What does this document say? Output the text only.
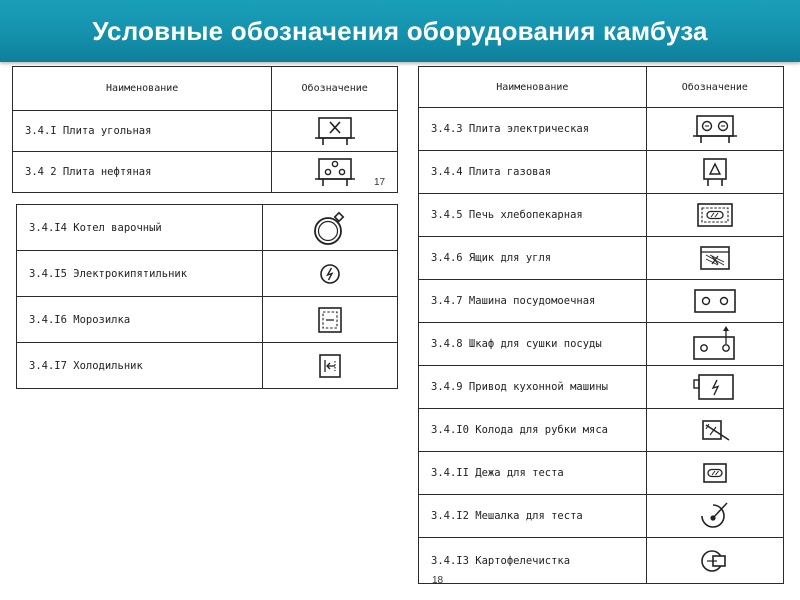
Условные обозначения оборудования камбуза
Наименование	Обозначение
3.4.I Плита угольная	

3.4 2 Плита нефтяная	
17
3.4.I4 Котел варочный	

3.4.I5 Электрокипятильник	

3.4.I6 Морозилка	

3.4.I7 Холодильник	
Наименование	Обозначение
3.4.3 Плита электрическая	

3.4.4 Плита газовая	

3.4.5 Печь хлебопекарная	

3.4.6 Ящик для угля	

3.4.7 Машина посудомоечная	

3.4.8 Шкаф для сушки посуды	

3.4.9 Привод кухонной машины	

3.4.I0 Колода для рубки мяса	

3.4.II Дежа для теста	

3.4.I2 Мешалка для теста	

3.4.I3 Картофелечистка	
18
